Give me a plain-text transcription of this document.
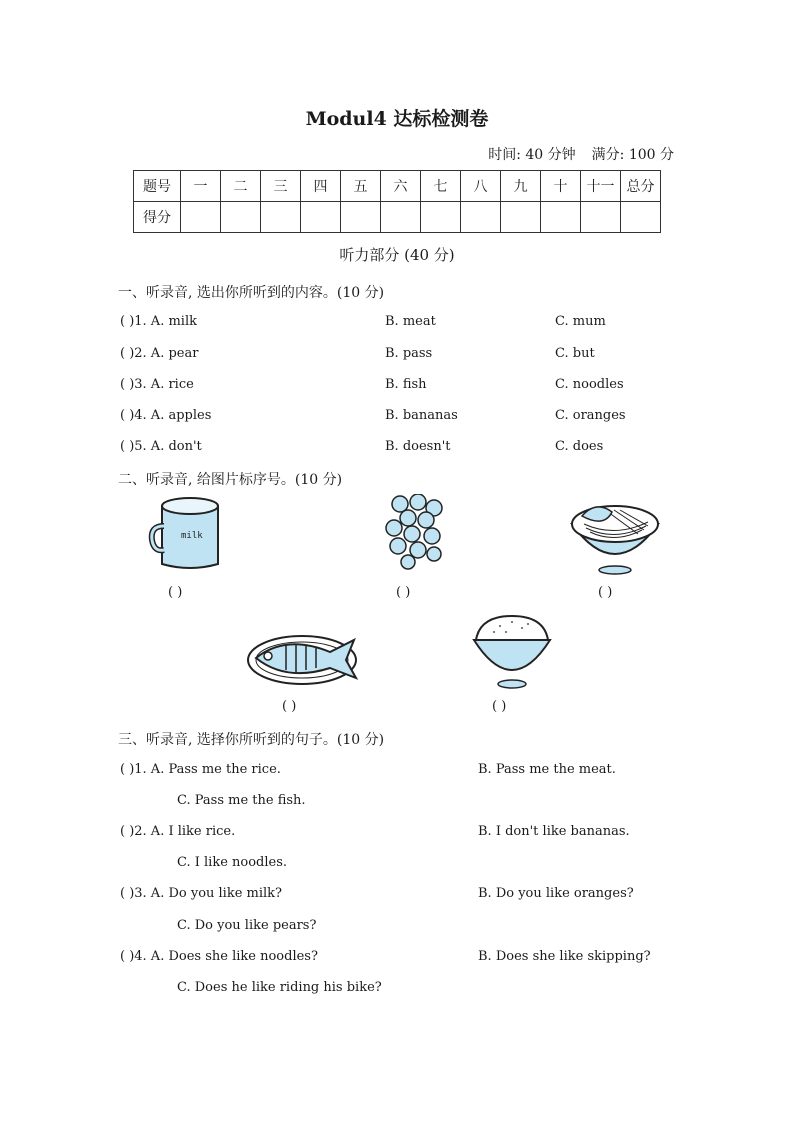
Modul4 达标检测卷
时间: 40 分钟 满分: 100 分
题号	一	二	三	四	五	六	七	八	九	十	十一	总分
得分												
听力部分 (40 分)
一、听录音, 选出你所听到的内容。(10 分)
( )1. A. milk	B. meat	C. mum
( )2. A. pear	B. pass	C. but
( )3. A. rice	B. fish	C. noodles
( )4. A. apples	B. bananas	C. oranges
( )5. A. don't	B. doesn't	C. does
二、听录音, 给图片标序号。(10 分)
milk
( )	( )	( )
( )	( )
三、听录音, 选择你所听到的句子。(10 分)
( )1. A. Pass me the rice.	B. Pass me the meat.
C. Pass me the fish.
( )2. A. I like rice.	B. I don't like bananas.
C. I like noodles.
( )3. A. Do you like milk?	B. Do you like oranges?
C. Do you like pears?
( )4. A. Does she like noodles?	B. Does she like skipping?
C. Does he like riding his bike?
